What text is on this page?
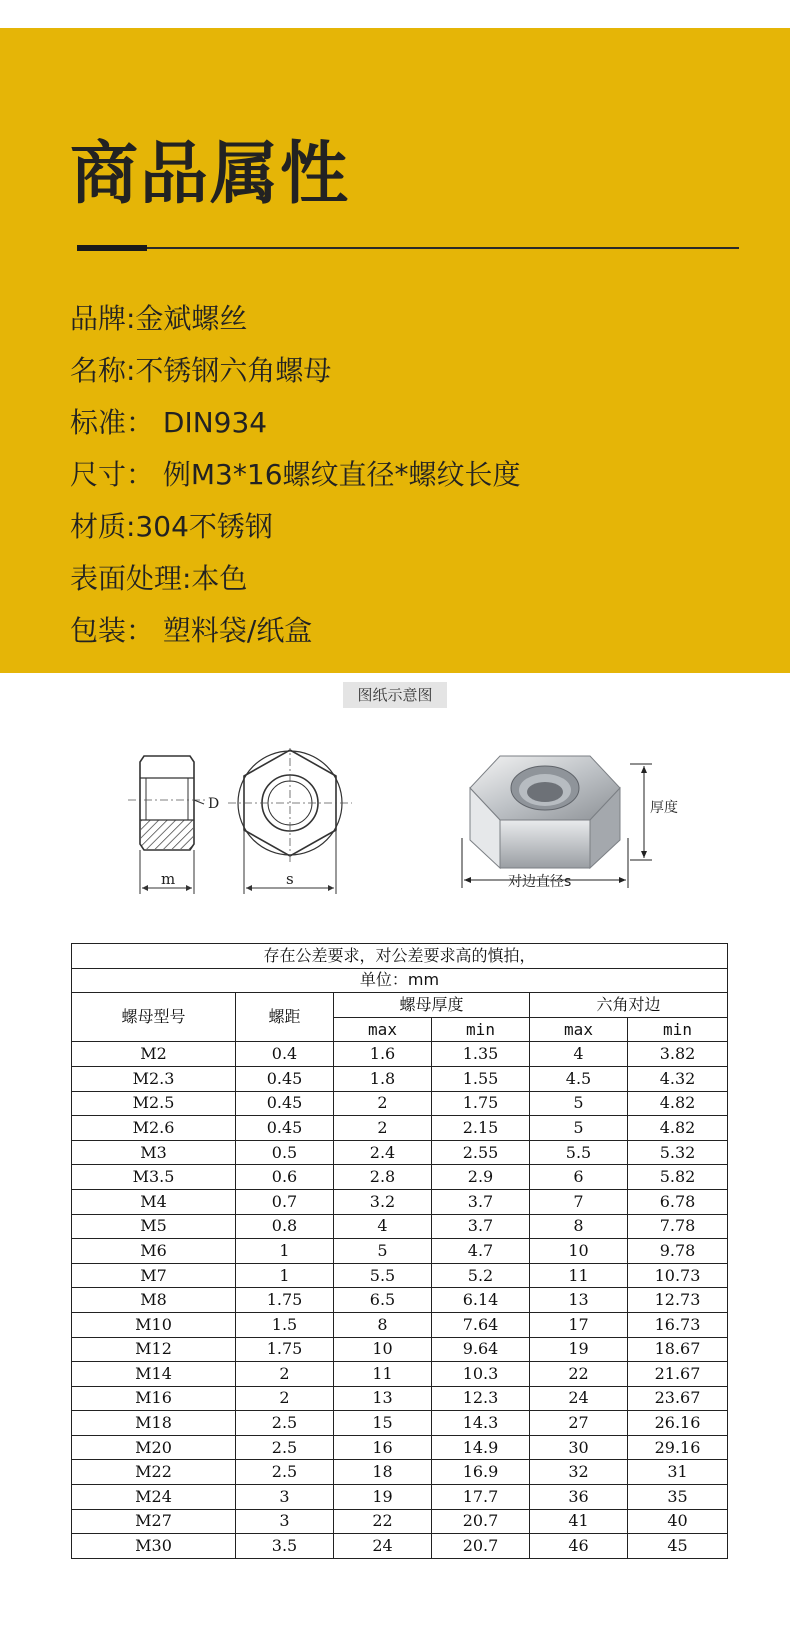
商品属性
品牌:金斌螺丝
名称:不锈钢六角螺母
标准： DIN934
尺寸： 例M3*16螺纹直径*螺纹长度
材质:304不锈钢
表面处理:本色
包装： 塑料袋/纸盒
图纸示意图
D
m	s
厚度
对边直径s
存在公差要求，对公差要求高的慎拍，					
单位：mm					
螺母型号	螺距	螺母厚度		六角对边	
		max	min	max	min
M2	0.4	1.6	1.35	4	3.82
M2.3	0.45	1.8	1.55	4.5	4.32
M2.5	0.45	2	1.75	5	4.82
M2.6	0.45	2	2.15	5	4.82
M3	0.5	2.4	2.55	5.5	5.32
M3.5	0.6	2.8	2.9	6	5.82
M4	0.7	3.2	3.7	7	6.78
M5	0.8	4	3.7	8	7.78
M6	1	5	4.7	10	9.78
M7	1	5.5	5.2	11	10.73
M8	1.75	6.5	6.14	13	12.73
M10	1.5	8	7.64	17	16.73
M12	1.75	10	9.64	19	18.67
M14	2	11	10.3	22	21.67
M16	2	13	12.3	24	23.67
M18	2.5	15	14.3	27	26.16
M20	2.5	16	14.9	30	29.16
M22	2.5	18	16.9	32	31
M24	3	19	17.7	36	35
M27	3	22	20.7	41	40
M30	3.5	24	20.7	46	45
